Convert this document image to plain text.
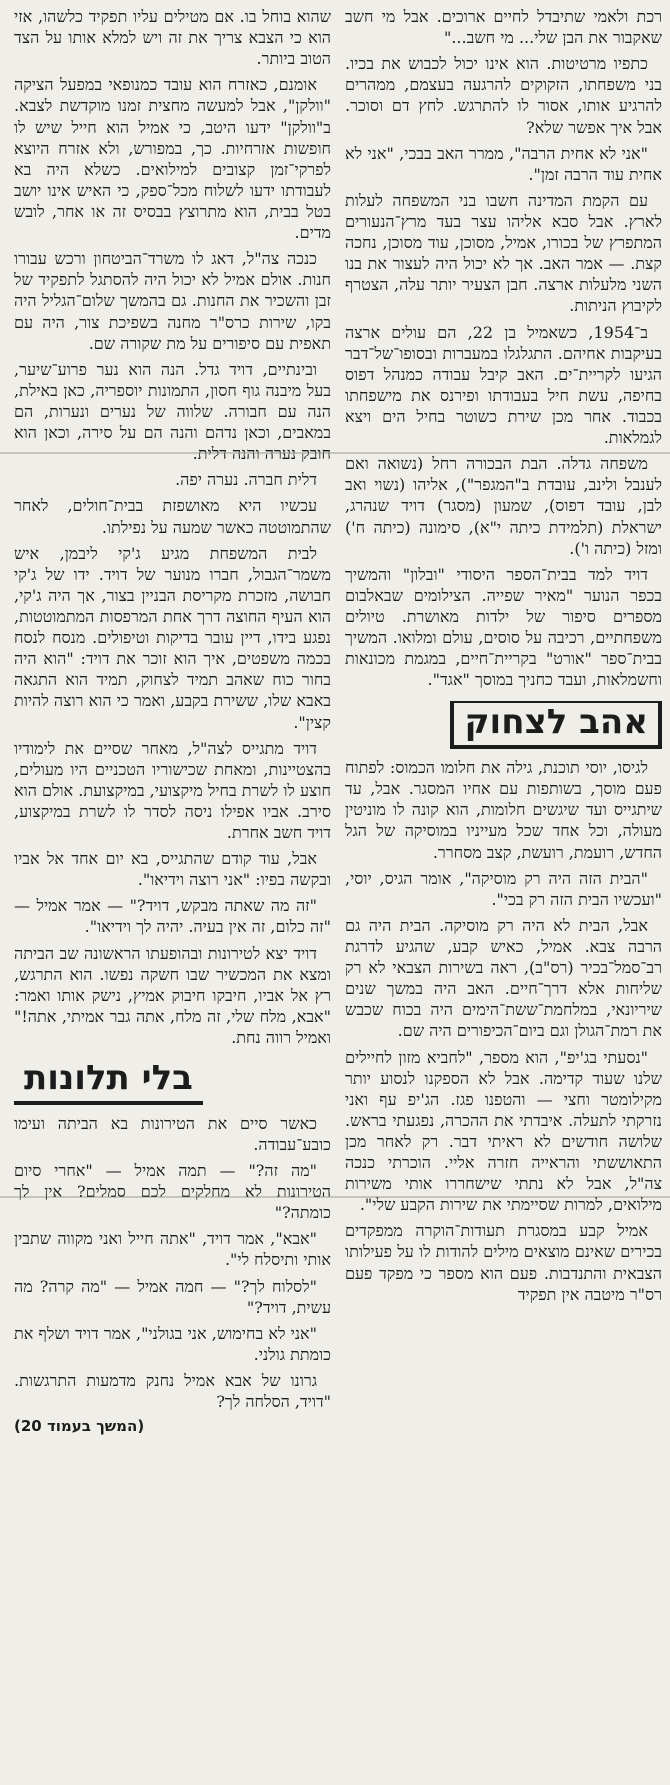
רכת ולאמי שתיבדל לחיים ארוכים. אבל מי חשב שאקבור את הבן שלי... מי חשב..."

כתפיו מרטיטות. הוא אינו יכול לכבוש את בכיו. בני משפחתו, הזקוקים להרגעה בעצמם, ממהרים להרגיע אותו, אסור לו להתרגש. לחץ דם וסוכר. אבל איך אפשר שלא?

"אני לא אחית הרבה", ממרר האב בבכי, "אני לא אחית עוד הרבה זמן".

עם הקמת המדינה חשבו בני המשפחה לעלות לארץ. אבל סבא אליהו עצר בעד מרץ־הנעורים המתפרץ של בכורו, אמיל, מסוכן, עוד מסוכן, נחכה קצת. — אמר האב. אך לא יכול היה לעצור את בנו השני מלעלות ארצה. חבן הצעיר יותר עלה, הצטרף לקיבוץ הניתות.

ב־1954, כשאמיל בן 22, הם עולים ארצה בעיקבות אחיהם. התגלגלו במעברות ובסופו־של־דבר הגיעו לקריית־ים. האב קיבל עבודה כמנהל דפוס בחיפה, עשת חיל בעבודתו ופירנס את מישפחתו בכבוד. אחר מכן שירת כשוטר בחיל הים ויצא לגמלאות.

משפחה גדלה. הבת הבכורה רחל (נשואה ואם לענבל ולינב, עובדת ב"המגפר"), אליהו (נשוי ואב לבן, עובד דפוס), שמעון (מסגר) דויד שנהרג, ישראלת (תלמידת כיתה י"א), סימונה (כיתה ח') ומזל (כיתה ו').

דויד למד בבית־הספר היסודי "ובלון" והמשיך בכפר הנוער "מאיר שפייה. הצילומים שבאלבום מספרים סיפור של ילדות מאושרת. טיולים משפחתיים, רכיבה על סוסים, עולם ומלואו. המשיך בבית־ספר "אורט" בקריית־חיים, במגמת מכונאות וחשמלאות, ועבד כחניך במוסך "אגד".

אהב לצחוק

לגיסו, יוסי תוכנת, גילה את חלומו הכמוס: לפתוח פעם מוסך, בשותפות עם אחיו המסגר. אבל, עד שיתגייס ועד שיגשים חלומות, הוא קונה לו מוניטין מעולה, וכל אחד שכל מעייניו במוסיקה של הגל החדש, רועמת, רועשת, קצב מסחרר.

"הבית הזה היה רק מוסיקה", אומר הגיס, יוסי, "ועכשיו הבית הזה רק בכי".

אבל, הבית לא היה רק מוסיקה. הבית היה גם הרבה צבא. אמיל, כאיש קבע, שהגיע לדרגת רב־סמל־בכיר (רס"ב), ראה בשירות הצבאי לא רק שליחות אלא דרך־חיים. האב היה במשך שנים שיריונאי, במלחמת־ששת־הימים היה בכוח שכבש את רמת־הגולן וגם ביום־הכיפורים היה שם.

"נסעתי בג'יפ", הוא מספר, "לחביא מזון לחיילים שלנו שעוד קדימה. אבל לא הספקנו לנסוע יותר מקילומטר וחצי — והטפנו פגז. הג'יפ עף ואני נזרקתי לתעלה. איבדתי את ההכרה, נפגעתי בראש. שלושה חודשים לא ראיתי דבר. רק לאחר מכן התאוששתי והראייה חזרה אליי. הוכרתי כנכה צה"ל, אבל לא נתתי שישחררו אותי משירות מילואים, למרות שסיימתי את שירות הקבע שלי".

אמיל קבע במסגרת תעודות־הוקרה ממפקדים בכירים שאינם מוצאים מילים להודות לו על פעילותו הצבאית והתנדבות. פעם הוא מספר כי מפקד פעם רס"ר מיטבה אין תפקיד

שהוא בוחל בו. אם מטילים עליו תפקיד כלשהו, אזי הוא כי הצבא צריך את זה ויש למלא אותו על הצד הטוב ביותר.

אומנם, כאזרח הוא עובד כמנופאי במפעל הציקה "וולקן", אבל למעשה מחצית זמנו מוקדשת לצבא. ב"וולקן" ידעו היטב, כי אמיל הוא חייל שיש לו חופשות אזרחיות. כך, במפורש, ולא אזרח היוצא לפרקי־זמן קצובים למילואים. כשלא היה בא לעבודתו ידעו לשלוח מכל־ספק, כי האיש אינו יושב בטל בבית, הוא מתרוצץ בבסיס זה או אחר, לובש מדים.

כנכה צה"ל, דאג לו משרד־הביטחון ורכש עבורו חנות. אולם אמיל לא יכול היה להסתגל לתפקיד של זבן והשכיר את החנות. גם בהמשך שלום־הגליל היה בקו, שירות כרס"ר מחנה בשפיכת צור, היה עם תאפית עם סיפורים על מת שקורה שם.

ובינתיים, דויד גדל. הנה הוא נער פרוע־שיער, בעל מיבנה גוף חסון, התמונות יוספריה, כאן באילת, הנה עם חבורה. שלווה של נערים ונערות, הם במאבים, וכאן נדהם והנה הם על סירה, וכאן הוא חובק נערה והנה דלית.

דלית חברה. נערה יפה.

עכשיו היא מאושפזת בבית־חולים, לאחר שהתמוטטה כאשר שמעה על נפילתו.

לבית המשפחת מגיע ג'קי ליבמן, איש משמר־הגבול, חברו מנוער של דויד. ידו של ג'קי חבושה, מזכרת מקריסת הבניין בצור, אך היה ג'קי, הוא העיף החוצה דרך אחת המרפסות המתמוטטות, נפגע בידו, דיין עובר בדיקות וטיפולים. מנסח לנסח בכמה משפטים, איך הוא זוכר את דויד: "הוא היה בחור כוח שאהב תמיד לצחוק, תמיד הוא התגאה באבא שלו, ששירת בקבע, ואמר כי הוא רוצה להיות קצין".

דויד מתגייס לצה"ל, מאחר שסיים את לימודיו בהצטיינות, ומאחת שכישוריו הטכניים היו מעולים, חוצע לו לשרת בחיל מיקצועי, במיקצועת. אולם הוא סירב. אביו אפילו ניסה לסדר לו לשרת במיקצוע, דויד חשב אחרת.

אבל, עוד קודם שהתגייס, בא יום אחד אל אביו ובקשה בפיו: "אני רוצה וידיאו".

"זה מה שאתה מבקש, דויד?" — אמר אמיל — "זה כלום, זה אין בעיה. יהיה לך וידיאו".

דויד יצא לטירונות ובהופעתו הראשונה שב הביתה ומצא את המכשיר שבו חשקה נפשו. הוא התרגש, רץ אל אביו, חיבקו חיבוק אמיץ, נישק אותו ואמר: "אבא, מלח שלי, זה מלח, אתה גבר אמיתי, אתה!" ואמיל רווה נחת.

בלי תלונות

כאשר סיים את הטירונות בא הביתה ועימו כובע־עבודה.

"מה זה?" — תמה אמיל — "אחרי סיום הטירונות לא מחלקים לכם סמלים? אין לך כומתה?"

"אבא", אמר דויד, "אתה חייל ואני מקווה שתבין אותי ותיסלח לי".

"לסלוח לך?" — חמה אמיל — "מה קרה? מה עשית, דויד?"

"אני לא בחימוש, אני בגולני", אמר דויד ושלף את כומתת גולני.

גרונו של אבא אמיל נחנק מדמעות התרגשות. "דויד, הסלחה לך?

(המשך בעמוד 20)
